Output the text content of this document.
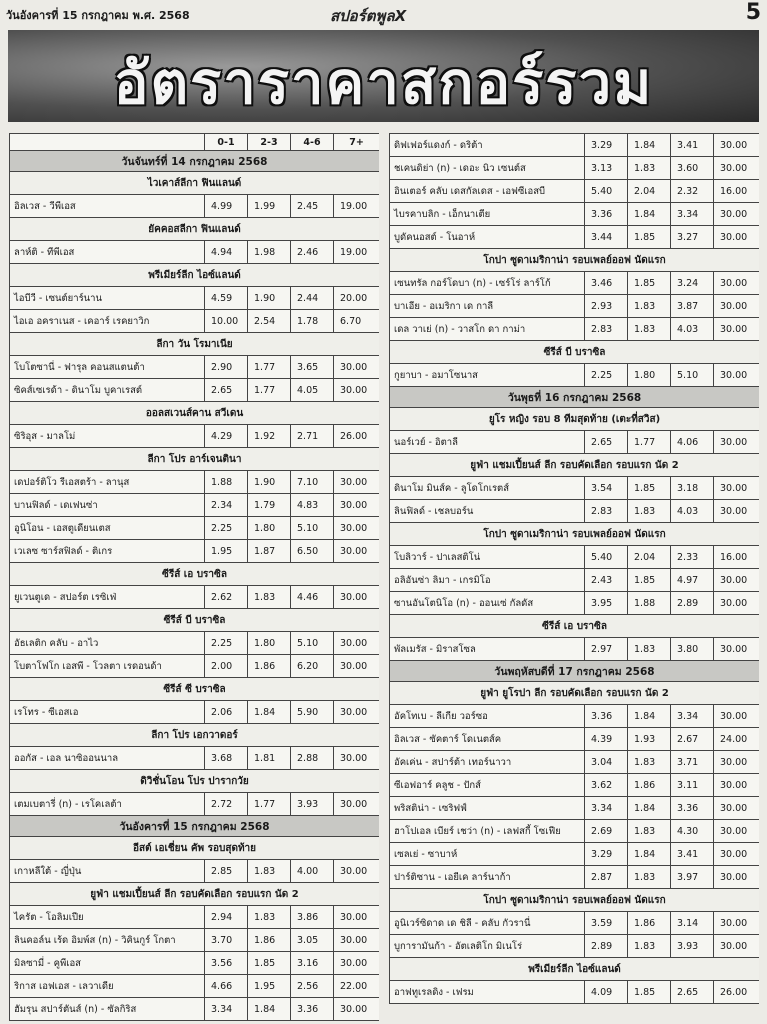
วันอังคารที่ 15 กรกฎาคม พ.ศ. 2568	สปอร์ตพูลX	5
อัตราราคาสกอร์รวม
	0-1	2-3	4-6	7+
วันจันทร์ที่ 14 กรกฎาคม 2568				
ไวเคาส์ลีกา ฟินแลนด์				
อิลเวส - วีพีเอส	4.99	1.99	2.45	19.00
ยัคคอสลีกา ฟินแลนด์				
ลาห์ติ - ทีพีเอส	4.94	1.98	2.46	19.00
พรีเมียร์ลีก ไอซ์แลนด์				
ไอบีวี - เซนต์ยาร์นาน	4.59	1.90	2.44	20.00
ไอเอ อคราเนส - เคอาร์ เรคยาวิก	10.00	2.54	1.78	6.70
ลีกา วัน โรมาเนีย				
โบโตซานี่ - ฟารุล คอนสแตนต้า	2.90	1.77	3.65	30.00
ซิคส์เซเรด้า - ดินาโม บูคาเรสต์	2.65	1.77	4.05	30.00
ออลสเวนส์คาน สวีเดน				
ซิริอุส - มาลโม่	4.29	1.92	2.71	26.00
ลีกา โปร อาร์เจนตินา				
เดปอร์ติโว รีเอสตร้า - ลานุส	1.88	1.90	7.10	30.00
บานฟิลด์ - เดเฟนซ่า	2.34	1.79	4.83	30.00
อูนิโอน - เอสตูเดียนเตส	2.25	1.80	5.10	30.00
เวเลซ ซาร์สฟิลด์ - ติเกร	1.95	1.87	6.50	30.00
ซีรีส์ เอ บราซิล				
ยูเวนตูเด - สปอร์ต เรซิเฟ่	2.62	1.83	4.46	30.00
ซีรีส์ บี บราซิล				
อัธเลติก คลับ - อาไว	2.25	1.80	5.10	30.00
โบตาโฟโก เอสพี - โวลตา เรดอนด้า	2.00	1.86	6.20	30.00
ซีรีส์ ซี บราซิล				
เรโทร - ซีเอสเอ	2.06	1.84	5.90	30.00
ลีกา โปร เอกวาดอร์				
ออกัส - เอล นาซิออนนาล	3.68	1.81	2.88	30.00
ดิวิชั่นโอน โปร ปารากวัย				
เตมเบตารี่ (n) - เรโคเลต้า	2.72	1.77	3.93	30.00
วันอังคารที่ 15 กรกฎาคม 2568				
อีสต์ เอเชี่ยน คัพ รอบสุดท้าย				
เกาหลีใต้ - ญี่ปุ่น	2.85	1.83	4.00	30.00
ยูฟ่า แชมเปี้ยนส์ ลีก รอบคัดเลือก รอบแรก นัด 2				
ไครัต - โอลิมเปีย	2.94	1.83	3.86	30.00
ลินคอล์น เร้ด อิมพ์ส (n) - วิคินกูร์ โกตา	3.70	1.86	3.05	30.00
มิลซามี่ - คูพีเอส	3.56	1.85	3.16	30.00
ริกาส เอฟเอส - เลวาเดีย	4.66	1.95	2.56	22.00
ฮัมรุน สปาร์ตันส์ (n) - ซัลกิริส	3.34	1.84	3.36	30.00
ดิฟเฟอร์แดงก์ - ดริต้า	3.29	1.84	3.41	30.00
ชเคนดิย่า (n) - เดอะ นิว เซนต์ส	3.13	1.83	3.60	30.00
อินเตอร์ คลับ เดสกัลเดส - เอฟซีเอสบี	5.40	2.04	2.32	16.00
ไบรคาบลิก - เอ็กนาเตีย	3.36	1.84	3.34	30.00
บูดัคนอสต์ - โนอาห์	3.44	1.85	3.27	30.00
โกปา ซูดาเมริกาน่า รอบเพลย์ออฟ นัดแรก				
เซนทรัล กอร์โดบา (n) - เซร์โร่ ลาร์โก้	3.46	1.85	3.24	30.00
บาเอีย - อเมริกา เด กาลี	2.93	1.83	3.87	30.00
เดล วาเย่ (n) - วาสโก ดา กาม่า	2.83	1.83	4.03	30.00
ซีรีส์ บี บราซิล				
กูยาบา - อมาโซนาส	2.25	1.80	5.10	30.00
วันพุธที่ 16 กรกฎาคม 2568				
ยูโร หญิง รอบ 8 ทีมสุดท้าย (เตะที่สวิส)				
นอร์เวย์ - อิตาลี	2.65	1.77	4.06	30.00
ยูฟ่า แชมเปี้ยนส์ ลีก รอบคัดเลือก รอบแรก นัด 2				
ดินาโม มินส์ค - ลูโดโกเรตส์	3.54	1.85	3.18	30.00
ลินฟิลด์ - เชลบอร์น	2.83	1.83	4.03	30.00
โกปา ซูดาเมริกาน่า รอบเพลย์ออฟ นัดแรก				
โบลิวาร์ - ปาเลสติโน่	5.40	2.04	2.33	16.00
อลิอันซ่า ลิมา - เกรมิโอ	2.43	1.85	4.97	30.00
ซานอันโตนิโอ (n) - ออนเซ่ กัลดัส	3.95	1.88	2.89	30.00
ซีรีส์ เอ บราซิล				
พัลเมรัส - มิราสโซล	2.97	1.83	3.80	30.00
วันพฤหัสบดีที่ 17 กรกฎาคม 2568				
ยูฟ่า ยูโรปา ลีก รอบคัดเลือก รอบแรก นัด 2				
อัคโทเบ - ลีเกีย วอร์ซอ	3.36	1.84	3.34	30.00
อิลเวส - ซัคตาร์ โดเนตส์ค	4.39	1.93	2.67	24.00
อัคเค่น - สปาร์ต้า เทอร์นาวา	3.04	1.83	3.71	30.00
ซีเอฟอาร์ คลูช - ปักส์	3.62	1.86	3.11	30.00
พริสติน่า - เซริฟฟ์	3.34	1.84	3.36	30.00
ฮาโปเอล เบียร์ เชว่า (n) - เลฟสกี้ โซเฟีย	2.69	1.83	4.30	30.00
เซลเย่ - ซาบาห์	3.29	1.84	3.41	30.00
ปาร์ติซาน - เอยีเค ลาร์นาก้า	2.87	1.83	3.97	30.00
โกปา ซูดาเมริกาน่า รอบเพลย์ออฟ นัดแรก				
อูนิเวร์ซิดาด เด ชิลี - คลับ กัวรานี่	3.59	1.86	3.14	30.00
บูการามันก้า - อัตเลติโก มิเนโร่	2.89	1.83	3.93	30.00
พรีเมียร์ลีก ไอซ์แลนด์				
อาฟทูเรลดิง - เฟรม	4.09	1.85	2.65	26.00
